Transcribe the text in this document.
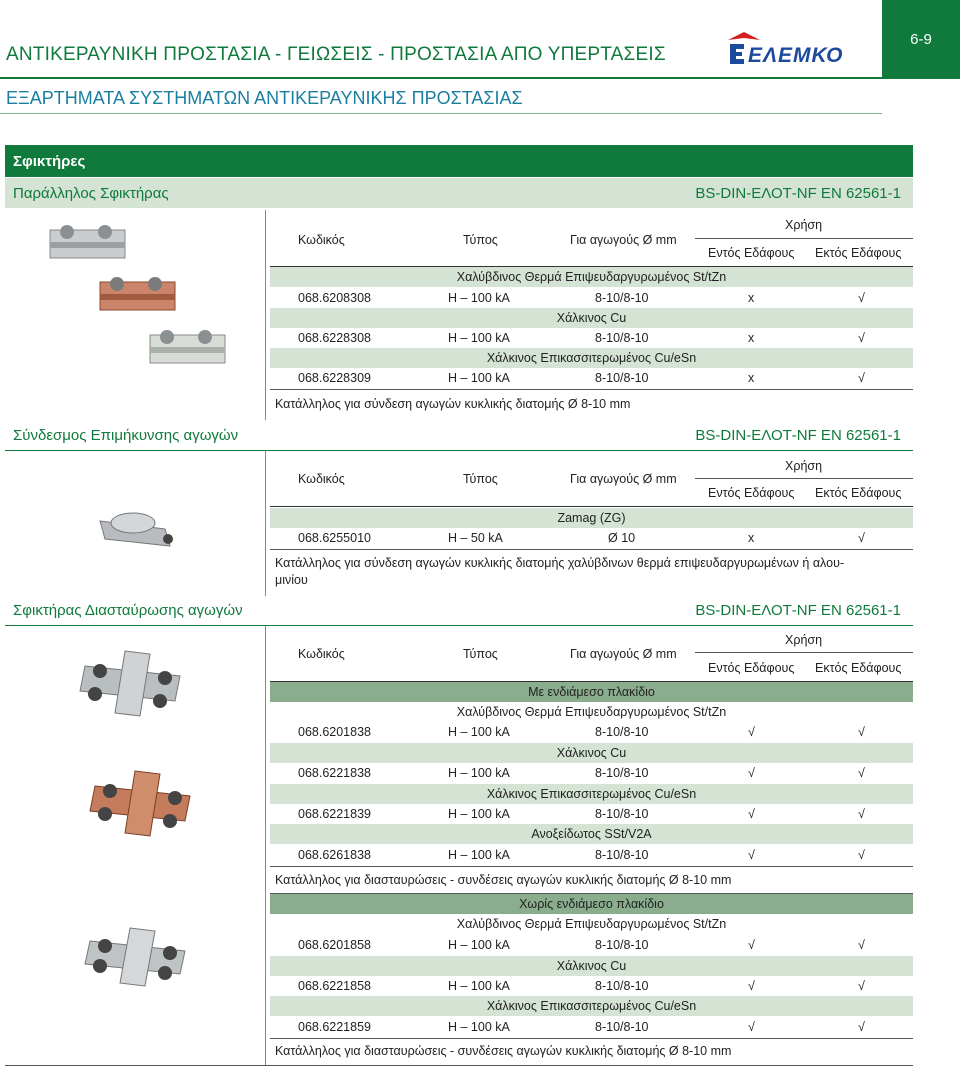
ΑΝΤΙΚΕΡΑΥΝΙΚΗ ΠΡΟΣΤΑΣΙΑ - ΓΕΙΩΣΕΙΣ - ΠΡΟΣΤΑΣΙΑ ΑΠΟ ΥΠΕΡΤΑΣΕΙΣ
ΕΞΑΡΤΗΜΑΤΑ ΣΥΣΤΗΜΑΤΩΝ ΑΝΤΙΚΕΡΑΥΝΙΚΗΣ ΠΡΟΣΤΑΣΙΑΣ
6-9
ΕΛΕΜΚΟ
Σφικτήρες
Παράλληλος Σφικτήρας	BS-DIN-ΕΛΟΤ-NF EN 62561-1
Κωδικός	Τύπος	Για αγωγούς Ø mm
Χρήση
Εντός Εδάφους Εκτός Εδάφους
Χαλύβδινος Θερμά Επιψευδαργυρωμένος St/tZn
068.6208308	H – 100 kA	8-10/8-10	x	√
Χάλκινος Cu
068.6228308	H – 100 kA	8-10/8-10	x	√
Χάλκινος Επικασσιτερωμένος Cu/eSn
068.6228309	H – 100 kA	8-10/8-10	x	√
Κατάλληλος για σύνδεση αγωγών κυκλικής διατομής Ø 8-10 mm
Σύνδεσμος Επιμήκυνσης αγωγών	BS-DIN-ΕΛΟΤ-NF EN 62561-1
Κωδικός	Τύπος	Για αγωγούς Ø mm
Χρήση
Εντός Εδάφους Εκτός Εδάφους
Zamag (ZG)
068.6255010	H – 50 kA	Ø 10	x	√
Κατάλληλος για σύνδεση αγωγών κυκλικής διατομής χαλύβδινων θερμά επιψευδαργυρωμένων ή αλου-
μινίου
Σφικτήρας Διασταύρωσης αγωγών	BS-DIN-ΕΛΟΤ-NF EN 62561-1
Κωδικός	Τύπος	Για αγωγούς Ø mm
Χρήση
Εντός Εδάφους Εκτός Εδάφους
Με ενδιάμεσο πλακίδιο
Χαλύβδινος Θερμά Επιψευδαργυρωμένος St/tZn
068.6201838	H – 100 kA	8-10/8-10	√	√
Χάλκινος Cu
068.6221838	H – 100 kA	8-10/8-10	√	√
Χάλκινος Επικασσιτερωμένος Cu/eSn
068.6221839	H – 100 kA	8-10/8-10	√	√
Ανοξείδωτος SSt/V2A
068.6261838	H – 100 kA	8-10/8-10	√	√
Κατάλληλος για διασταυρώσεις - συνδέσεις αγωγών κυκλικής διατομής Ø 8-10 mm
Χωρίς ενδιάμεσο πλακίδιο
Χαλύβδινος Θερμά Επιψευδαργυρωμένος St/tZn
068.6201858	H – 100 kA	8-10/8-10	√	√
Χάλκινος Cu
068.6221858	H – 100 kA	8-10/8-10	√	√
Χάλκινος Επικασσιτερωμένος Cu/eSn
068.6221859	H – 100 kA	8-10/8-10	√	√
Κατάλληλος για διασταυρώσεις - συνδέσεις αγωγών κυκλικής διατομής Ø 8-10 mm
